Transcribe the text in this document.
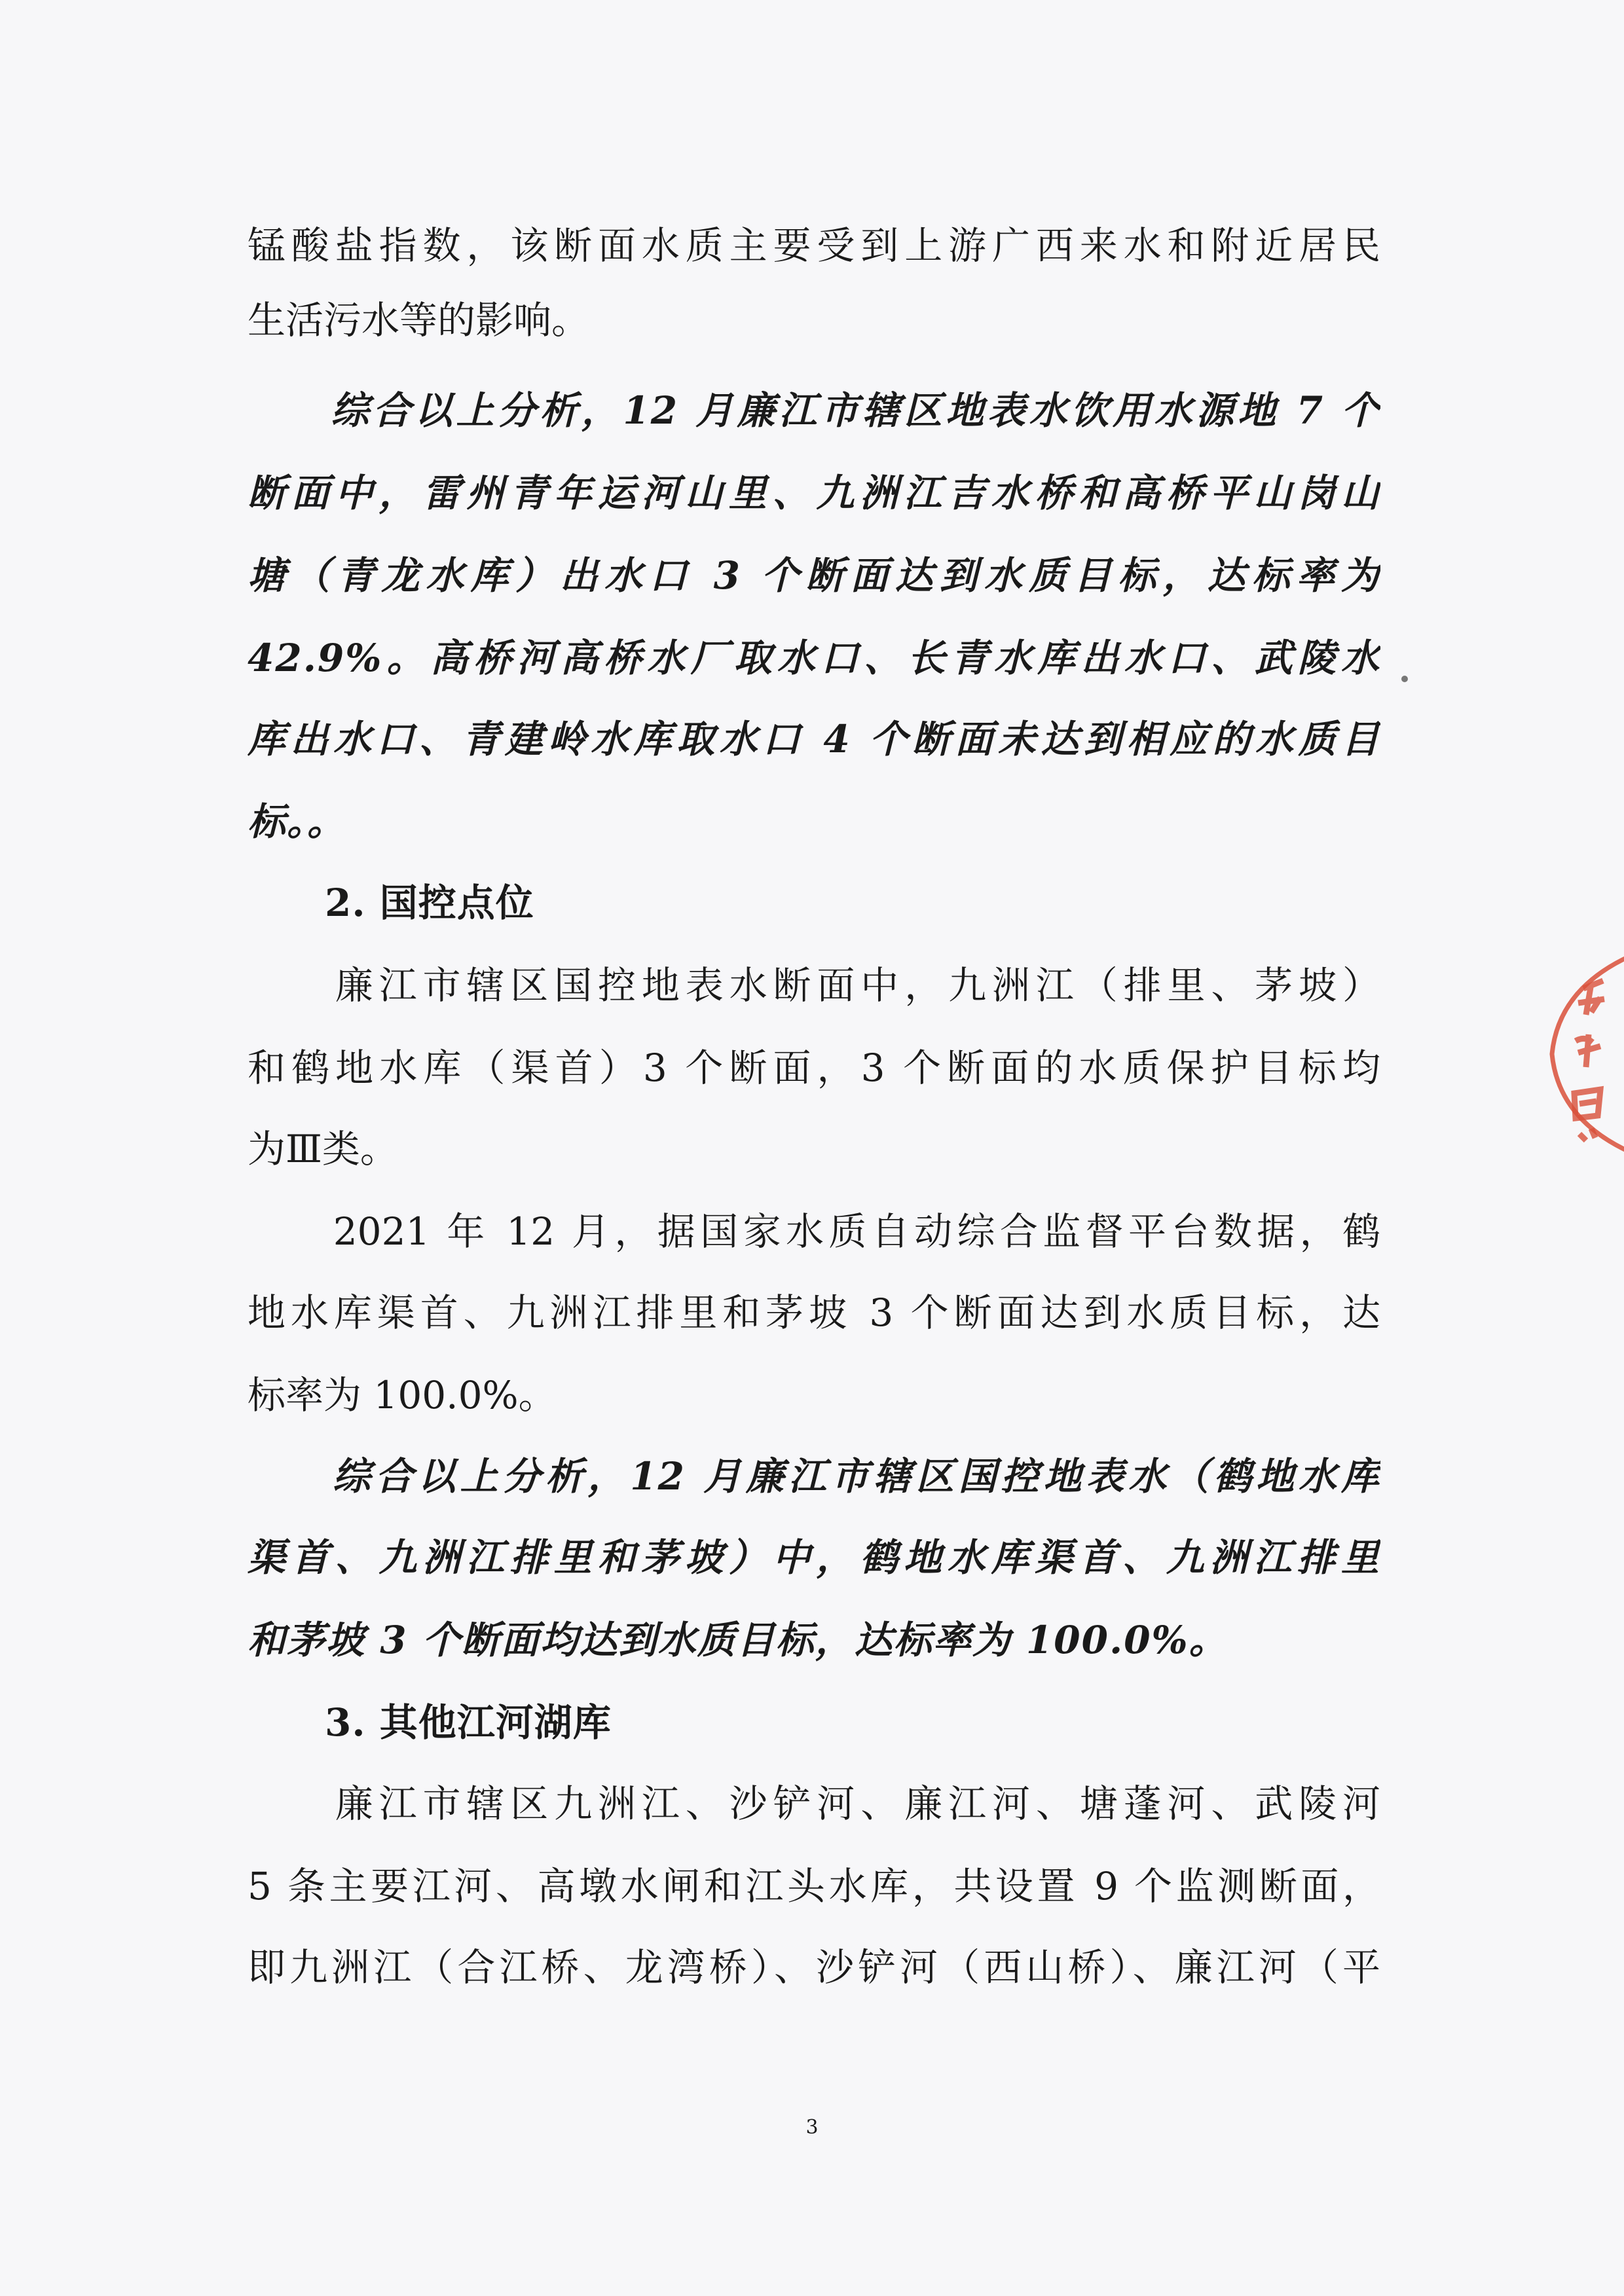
锰酸盐指数，该断面水质主要受到上游广西来水和附近居民
生活污水等的影响。
　　综合以上分析，12 月廉江市辖区地表水饮用水源地 7 个
断面中，雷州青年运河山里、九洲江吉水桥和高桥平山岗山
塘（青龙水库）出水口 3 个断面达到水质目标，达标率为
42.9%。高桥河高桥水厂取水口、长青水库出水口、武陵水
库出水口、青建岭水库取水口 4 个断面未达到相应的水质目
标。。
　　2. 国控点位
　　廉江市辖区国控地表水断面中，九洲江（排里、茅坡）
和鹤地水库（渠首）3 个断面，3 个断面的水质保护目标均
为Ⅲ类。
　　2021 年 12 月，据国家水质自动综合监督平台数据，鹤
地水库渠首、九洲江排里和茅坡 3 个断面达到水质目标，达
标率为 100.0%。
　　综合以上分析，12 月廉江市辖区国控地表水（鹤地水库
渠首、九洲江排里和茅坡）中，鹤地水库渠首、九洲江排里
和茅坡 3 个断面均达到水质目标，达标率为 100.0%。
　　3. 其他江河湖库
　　廉江市辖区九洲江、沙铲河、廉江河、塘蓬河、武陵河
5 条主要江河、高墩水闸和江头水库，共设置 9 个监测断面，
即九洲江（合江桥、龙湾桥）、沙铲河（西山桥）、廉江河（平
3
